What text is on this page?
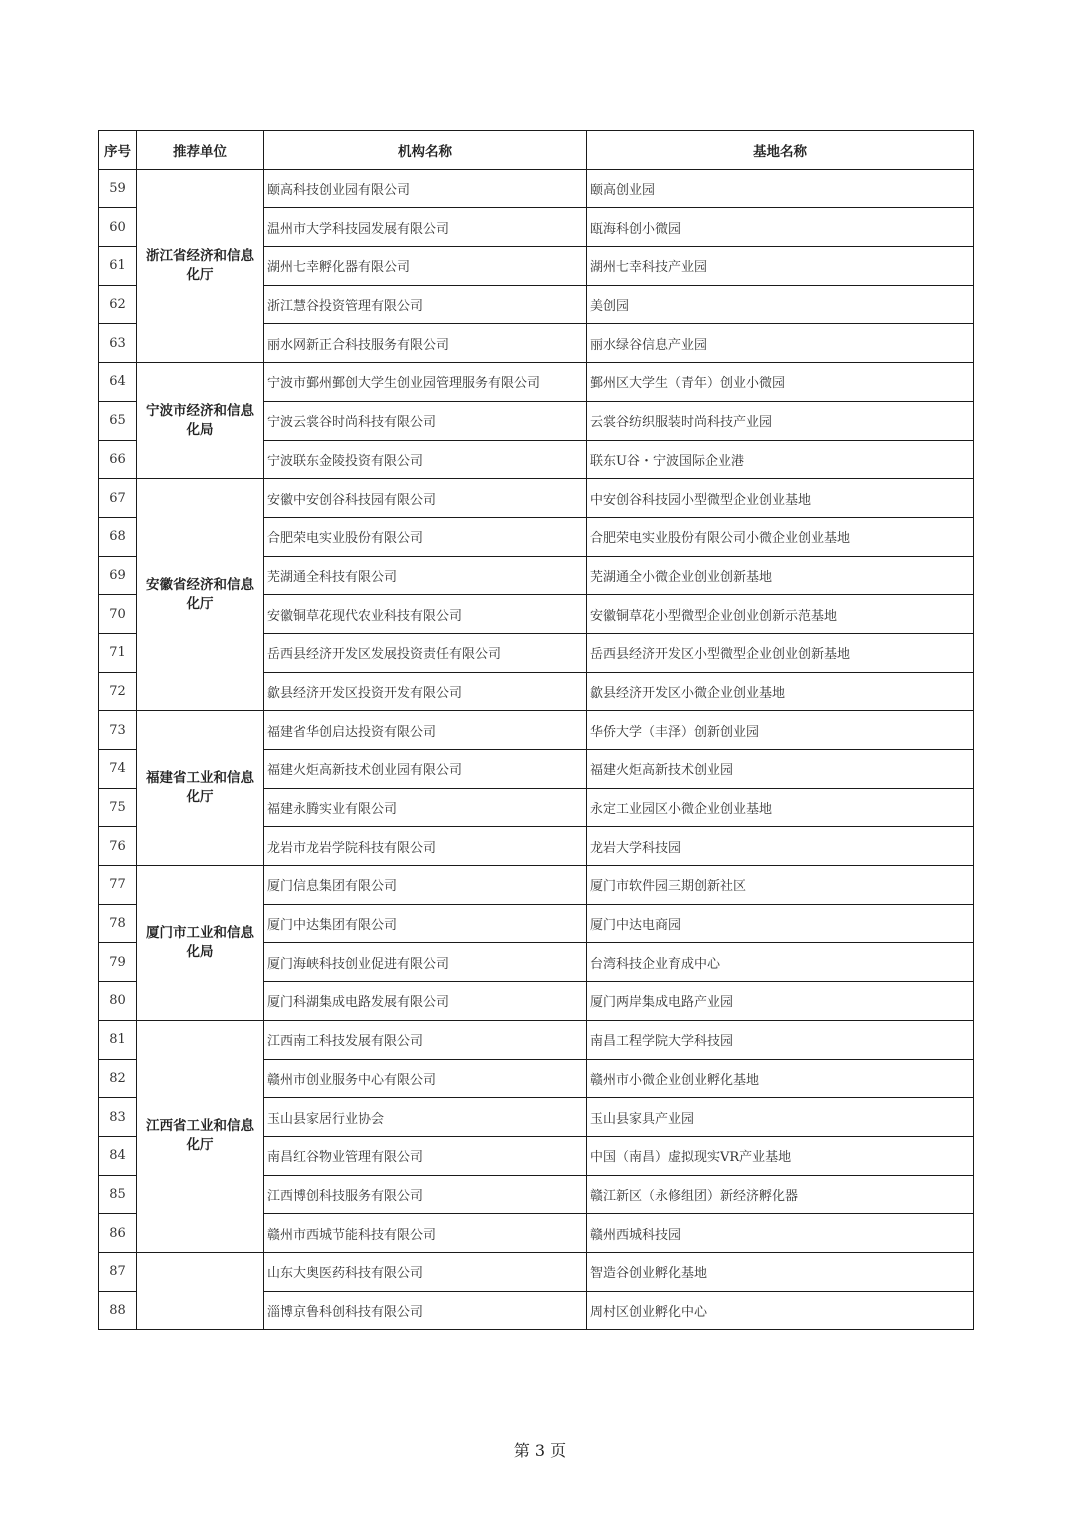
序号	推荐单位	机构名称	基地名称
59	浙江省经济和信息化厅	颐高科技创业园有限公司	颐高创业园
60		温州市大学科技园发展有限公司	瓯海科创小微园
61		湖州七幸孵化器有限公司	湖州七幸科技产业园
62		浙江慧谷投资管理有限公司	美创园
63		丽水网新正合科技服务有限公司	丽水绿谷信息产业园
64	宁波市经济和信息化局	宁波市鄞州鄞创大学生创业园管理服务有限公司	鄞州区大学生（青年）创业小微园
65		宁波云裳谷时尚科技有限公司	云裳谷纺织服装时尚科技产业园
66		宁波联东金陵投资有限公司	联东U谷・宁波国际企业港
67	安徽省经济和信息化厅	安徽中安创谷科技园有限公司	中安创谷科技园小型微型企业创业基地
68		合肥荣电实业股份有限公司	合肥荣电实业股份有限公司小微企业创业基地
69		芜湖通全科技有限公司	芜湖通全小微企业创业创新基地
70		安徽铜草花现代农业科技有限公司	安徽铜草花小型微型企业创业创新示范基地
71		岳西县经济开发区发展投资责任有限公司	岳西县经济开发区小型微型企业创业创新基地
72		歙县经济开发区投资开发有限公司	歙县经济开发区小微企业创业基地
73	福建省工业和信息化厅	福建省华创启达投资有限公司	华侨大学（丰泽）创新创业园
74		福建火炬高新技术创业园有限公司	福建火炬高新技术创业园
75		福建永腾实业有限公司	永定工业园区小微企业创业基地
76		龙岩市龙岩学院科技有限公司	龙岩大学科技园
77	厦门市工业和信息化局	厦门信息集团有限公司	厦门市软件园三期创新社区
78		厦门中达集团有限公司	厦门中达电商园
79		厦门海峡科技创业促进有限公司	台湾科技企业育成中心
80		厦门科湖集成电路发展有限公司	厦门两岸集成电路产业园
81	江西省工业和信息化厅	江西南工科技发展有限公司	南昌工程学院大学科技园
82		赣州市创业服务中心有限公司	赣州市小微企业创业孵化基地
83		玉山县家居行业协会	玉山县家具产业园
84		南昌红谷物业管理有限公司	中国（南昌）虚拟现实VR产业基地
85		江西博创科技服务有限公司	赣江新区（永修组团）新经济孵化器
86		赣州市西城节能科技有限公司	赣州西城科技园
87		山东大奥医药科技有限公司	智造谷创业孵化基地
88		淄博京鲁科创科技有限公司	周村区创业孵化中心
第 3 页
